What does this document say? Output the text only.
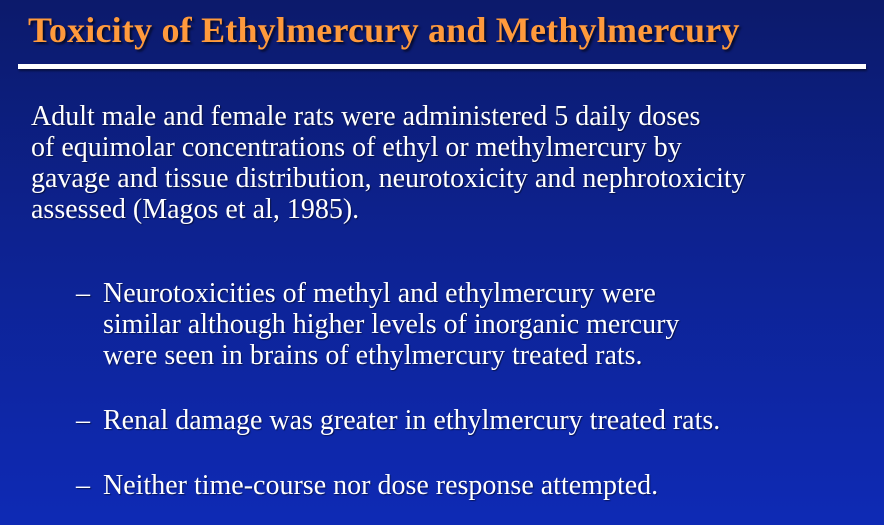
Toxicity of Ethylmercury and Methylmercury
Adult male and female rats were administered 5 daily doses
of equimolar concentrations of ethyl or methylmercury by
gavage and tissue distribution, neurotoxicity and nephrotoxicity
assessed (Magos et al, 1985).
– Neurotoxicities of methyl and ethylmercury were
similar although higher levels of inorganic mercury
were seen in brains of ethylmercury treated rats.
– Renal damage was greater in ethylmercury treated rats.
– Neither time-course nor dose response attempted.
